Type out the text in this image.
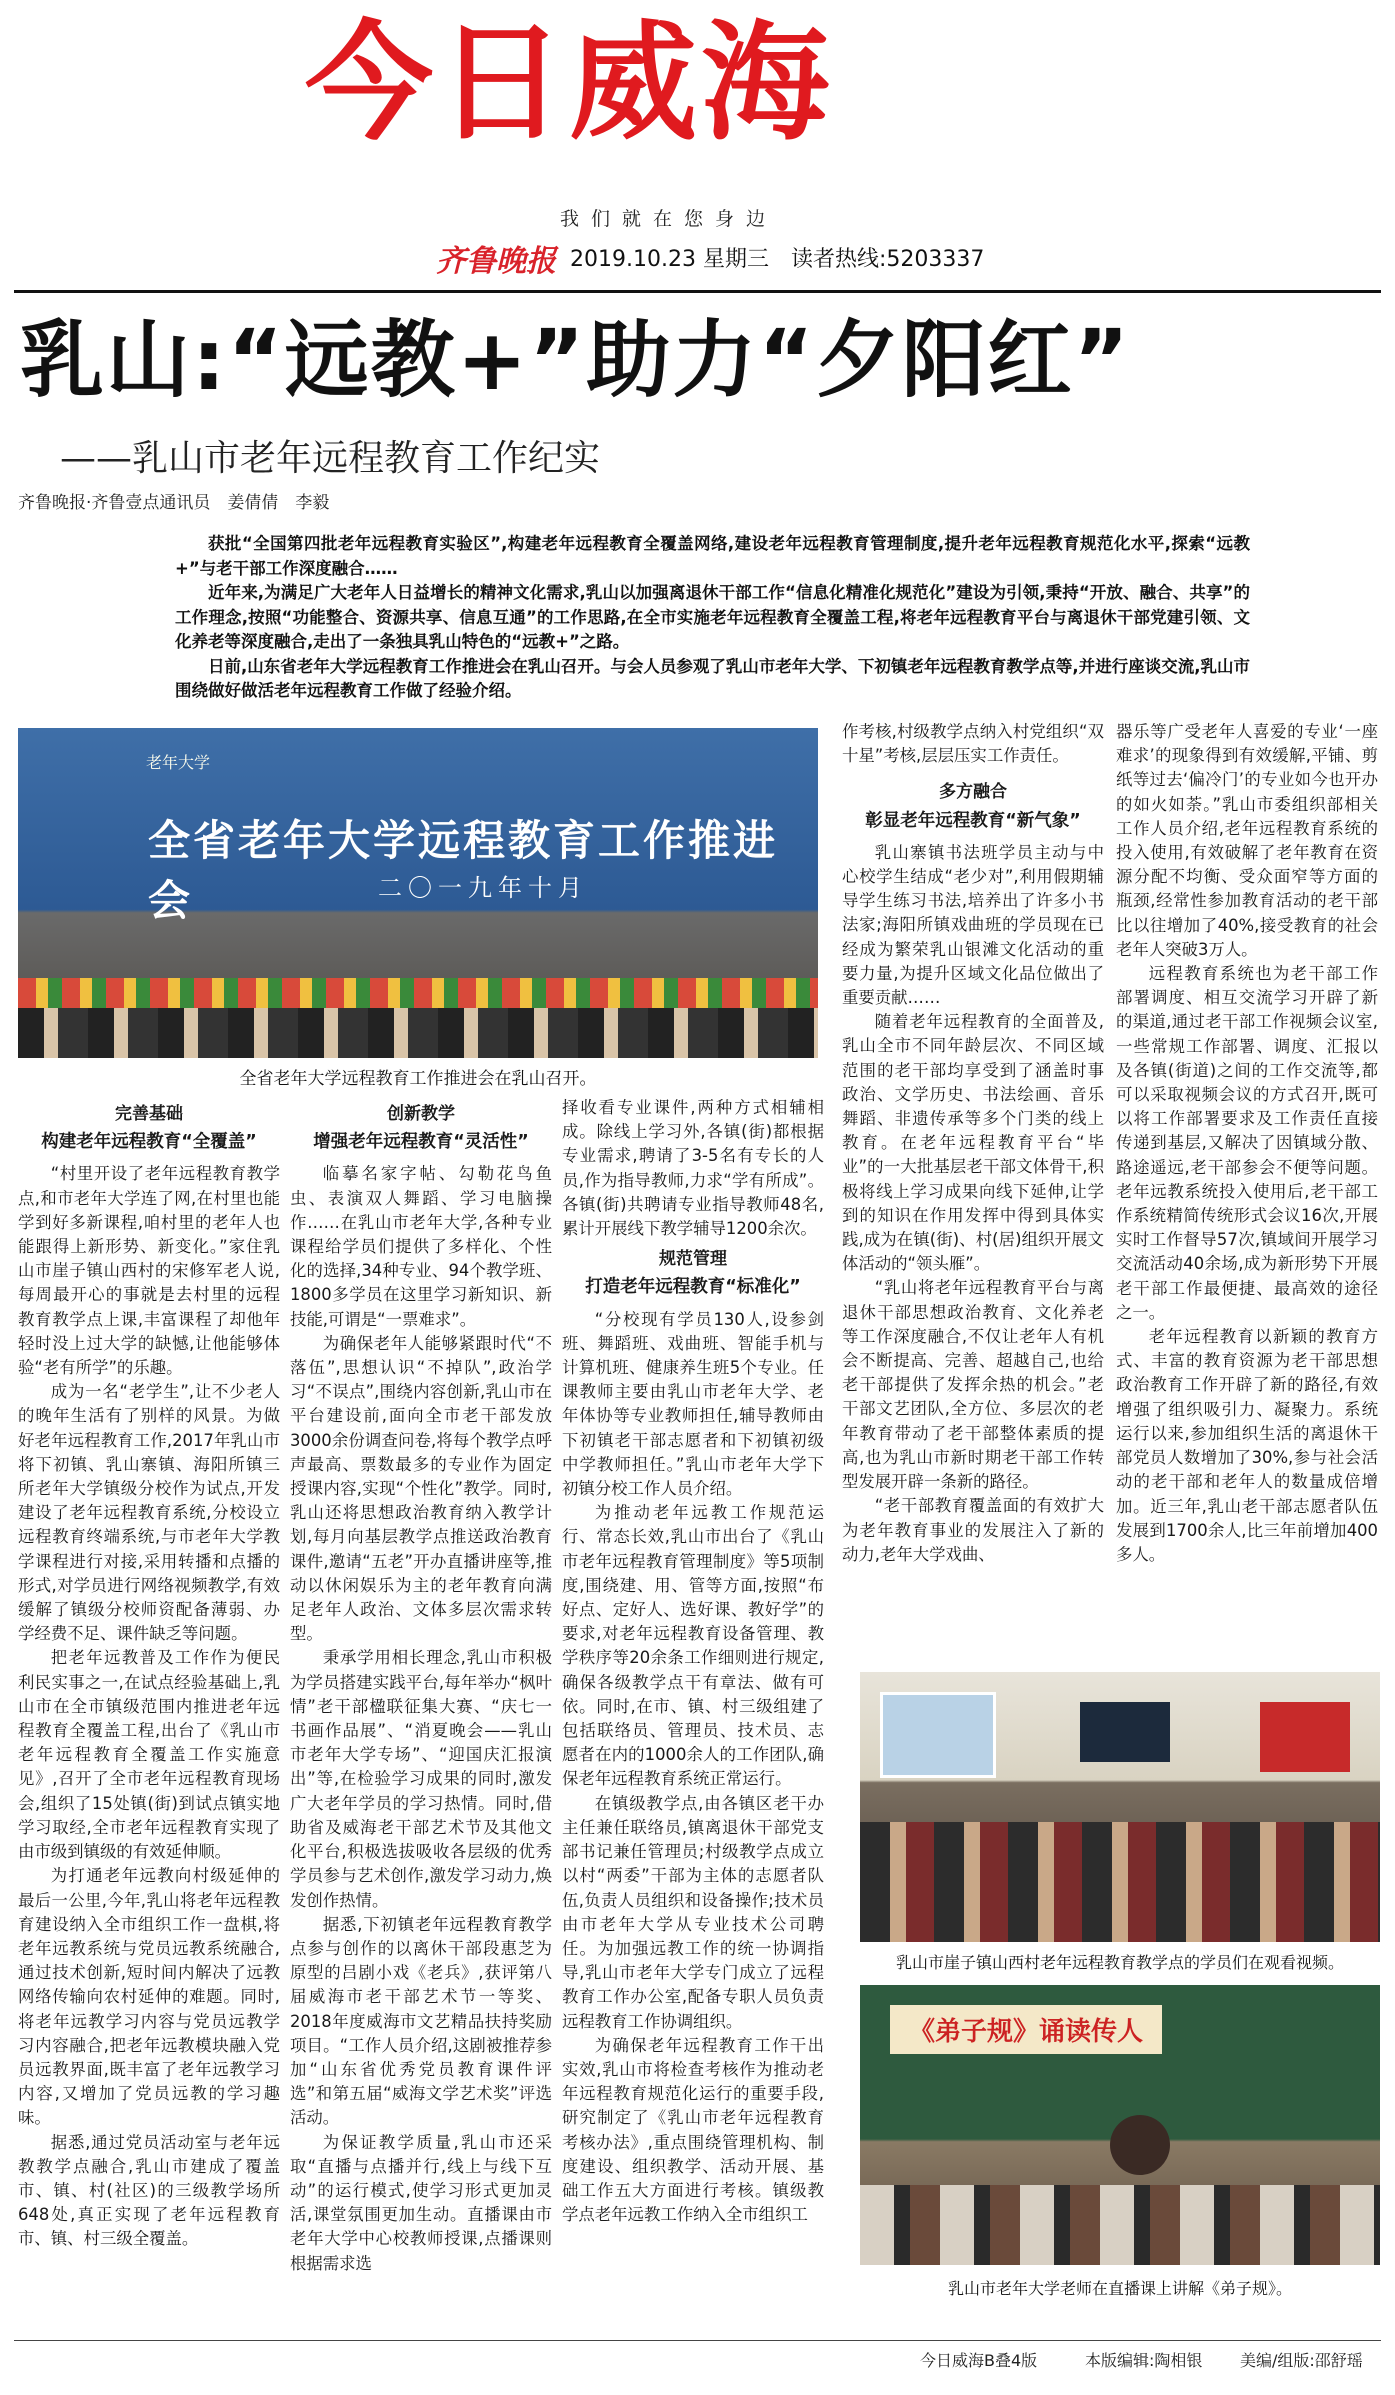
今日威海
我们就在您身边
齐鲁晚报 2019.10.23 星期三　 读者热线:5203337
乳山:“远教+”助力“夕阳红”
——乳山市老年远程教育工作纪实
齐鲁晚报·齐鲁壹点通讯员　姜倩倩　李毅

获批“全国第四批老年远程教育实验区”,构建老年远程教育全覆盖网络,建设老年远程教育管理制度,提升老年远程教育规范化水平,探索“远教+”与老干部工作深度融合……

近年来,为满足广大老年人日益增长的精神文化需求,乳山以加强离退休干部工作“信息化精准化规范化”建设为引领,秉持“开放、融合、共享”的工作理念,按照“功能整合、资源共享、信息互通”的工作思路,在全市实施老年远程教育全覆盖工程,将老年远程教育平台与离退休干部党建引领、文化养老等深度融合,走出了一条独具乳山特色的“远教+”之路。

日前,山东省老年大学远程教育工作推进会在乳山召开。与会人员参观了乳山市老年大学、下初镇老年远程教育教学点等,并进行座谈交流,乳山市围绕做好做活老年远程教育工作做了经验介绍。

老年大学
全省老年大学远程教育工作推进会	二〇一九年十月
全省老年大学远程教育工作推进会在乳山召开。
完善基础
构建老年远程教育“全覆盖”

“村里开设了老年远程教育教学点,和市老年大学连了网,在村里也能学到好多新课程,咱村里的老年人也能跟得上新形势、新变化。”家住乳山市崖子镇山西村的宋修军老人说,每周最开心的事就是去村里的远程教育教学点上课,丰富课程了却他年轻时没上过大学的缺憾,让他能够体验“老有所学”的乐趣。

成为一名“老学生”,让不少老人的晚年生活有了别样的风景。为做好老年远程教育工作,2017年乳山市将下初镇、乳山寨镇、海阳所镇三所老年大学镇级分校作为试点,开发建设了老年远程教育系统,分校设立远程教育终端系统,与市老年大学教学课程进行对接,采用转播和点播的形式,对学员进行网络视频教学,有效缓解了镇级分校师资配备薄弱、办学经费不足、课件缺乏等问题。

把老年远教普及工作作为便民利民实事之一,在试点经验基础上,乳山市在全市镇级范围内推进老年远程教育全覆盖工程,出台了《乳山市老年远程教育全覆盖工作实施意见》,召开了全市老年远程教育现场会,组织了15处镇(街)到试点镇实地学习取经,全市老年远程教育实现了由市级到镇级的有效延伸顺。

为打通老年远教向村级延伸的最后一公里,今年,乳山将老年远程教育建设纳入全市组织工作一盘棋,将老年远教系统与党员远教系统融合,通过技术创新,短时间内解决了远教网络传输向农村延伸的难题。同时,将老年远教学习内容与党员远教学习内容融合,把老年远教模块融入党员远教界面,既丰富了老年远教学习内容,又增加了党员远教的学习趣味。

据悉,通过党员活动室与老年远教教学点融合,乳山市建成了覆盖市、镇、村(社区)的三级教学场所648处,真正实现了老年远程教育市、镇、村三级全覆盖。

创新教学
增强老年远程教育“灵活性”

临摹名家字帖、勾勒花鸟鱼虫、表演双人舞蹈、学习电脑操作……在乳山市老年大学,各种专业课程给学员们提供了多样化、个性化的选择,34种专业、94个教学班、1800多学员在这里学习新知识、新技能,可谓是“一票难求”。

为确保老年人能够紧跟时代“不落伍”,思想认识“不掉队”,政治学习“不误点”,围绕内容创新,乳山市在平台建设前,面向全市老干部发放3000余份调查问卷,将每个教学点呼声最高、票数最多的专业作为固定授课内容,实现“个性化”教学。同时,乳山还将思想政治教育纳入教学计划,每月向基层教学点推送政治教育课件,邀请“五老”开办直播讲座等,推动以休闲娱乐为主的老年教育向满足老年人政治、文体多层次需求转型。

秉承学用相长理念,乳山市积极为学员搭建实践平台,每年举办“枫叶情”老干部楹联征集大赛、“庆七一书画作品展”、“消夏晚会——乳山市老年大学专场”、“迎国庆汇报演出”等,在检验学习成果的同时,激发广大老年学员的学习热情。同时,借助省及威海老干部艺术节及其他文化平台,积极选拔吸收各层级的优秀学员参与艺术创作,激发学习动力,焕发创作热情。

据悉,下初镇老年远程教育教学点参与创作的以离休干部段惠芝为原型的吕剧小戏《老兵》,获评第八届威海市老干部艺术节一等奖、2018年度威海市文艺精品扶持奖励项目。“工作人员介绍,这剧被推荐参加“山东省优秀党员教育课件评选”和第五届“威海文学艺术奖”评选活动。

为保证教学质量,乳山市还采取“直播与点播并行,线上与线下互动”的运行模式,使学习形式更加灵活,课堂氛围更加生动。直播课由市老年大学中心校教师授课,点播课则根据需求选

择收看专业课件,两种方式相辅相成。除线上学习外,各镇(街)都根据专业需求,聘请了3-5名有专长的人员,作为指导教师,力求“学有所成”。各镇(街)共聘请专业指导教师48名,累计开展线下教学辅导1200余次。

规范管理
打造老年远程教育“标准化”

“分校现有学员130人,设参剑班、舞蹈班、戏曲班、智能手机与计算机班、健康养生班5个专业。任课教师主要由乳山市老年大学、老年体协等专业教师担任,辅导教师由下初镇老干部志愿者和下初镇初级中学教师担任。”乳山市老年大学下初镇分校工作人员介绍。

为推动老年远教工作规范运行、常态长效,乳山市出台了《乳山市老年远程教育管理制度》等5项制度,围绕建、用、管等方面,按照“布好点、定好人、选好课、教好学”的要求,对老年远程教育设备管理、教学秩序等20余条工作细则进行规定,确保各级教学点干有章法、做有可依。同时,在市、镇、村三级组建了包括联络员、管理员、技术员、志愿者在内的1000余人的工作团队,确保老年远程教育系统正常运行。

在镇级教学点,由各镇区老干办主任兼任联络员,镇离退休干部党支部书记兼任管理员;村级教学点成立以村“两委”干部为主体的志愿者队伍,负责人员组织和设备操作;技术员由市老年大学从专业技术公司聘任。为加强远教工作的统一协调指导,乳山市老年大学专门成立了远程教育工作办公室,配备专职人员负责远程教育工作协调组织。

为确保老年远程教育工作干出实效,乳山市将检查考核作为推动老年远程教育规范化运行的重要手段,研究制定了《乳山市老年远程教育考核办法》,重点围绕管理机构、制度建设、组织教学、活动开展、基础工作五大方面进行考核。镇级教学点老年远教工作纳入全市组织工

作考核,村级教学点纳入村党组织“双十星”考核,层层压实工作责任。

多方融合
彰显老年远程教育“新气象”

乳山寨镇书法班学员主动与中心校学生结成“老少对”,利用假期辅导学生练习书法,培养出了许多小书法家;海阳所镇戏曲班的学员现在已经成为繁荣乳山银滩文化活动的重要力量,为提升区域文化品位做出了重要贡献……

随着老年远程教育的全面普及,乳山全市不同年龄层次、不同区域范围的老干部均享受到了涵盖时事政治、文学历史、书法绘画、音乐舞蹈、非遗传承等多个门类的线上教育。在老年远程教育平台“毕业”的一大批基层老干部文体骨干,积极将线上学习成果向线下延伸,让学到的知识在作用发挥中得到具体实践,成为在镇(街)、村(居)组织开展文体活动的“领头雁”。

“乳山将老年远程教育平台与离退休干部思想政治教育、文化养老等工作深度融合,不仅让老年人有机会不断提高、完善、超越自己,也给老干部提供了发挥余热的机会。”老干部文艺团队,全方位、多层次的老年教育带动了老干部整体素质的提高,也为乳山市新时期老干部工作转型发展开辟一条新的路径。

“老干部教育覆盖面的有效扩大为老年教育事业的发展注入了新的动力,老年大学戏曲、

器乐等广受老年人喜爱的专业‘一座难求’的现象得到有效缓解,平铺、剪纸等过去‘偏冷门’的专业如今也开办的如火如荼。”乳山市委组织部相关工作人员介绍,老年远程教育系统的投入使用,有效破解了老年教育在资源分配不均衡、受众面窄等方面的瓶颈,经常性参加教育活动的老干部比以往增加了40%,接受教育的社会老年人突破3万人。

远程教育系统也为老干部工作部署调度、相互交流学习开辟了新的渠道,通过老干部工作视频会议室,一些常规工作部署、调度、汇报以及各镇(街道)之间的工作交流等,都可以采取视频会议的方式召开,既可以将工作部署要求及工作责任直接传递到基层,又解决了因镇域分散、路途遥远,老干部参会不便等问题。老年远教系统投入使用后,老干部工作系统精简传统形式会议16次,开展实时工作督导57次,镇域间开展学习交流活动40余场,成为新形势下开展老干部工作最便捷、最高效的途径之一。

老年远程教育以新颖的教育方式、丰富的教育资源为老干部思想政治教育工作开辟了新的路径,有效增强了组织吸引力、凝聚力。系统运行以来,参加组织生活的离退休干部党员人数增加了30%,参与社会活动的老干部和老年人的数量成倍增加。近三年,乳山老干部志愿者队伍发展到1700余人,比三年前增加400多人。

乳山市崖子镇山西村老年远程教育教学点的学员们在观看视频。
《弟子规》诵读传人
乳山市老年大学老师在直播课上讲解《弟子规》。
今日威海B叠4版	本版编辑:陶相银 美编/组版:邵舒瑶
